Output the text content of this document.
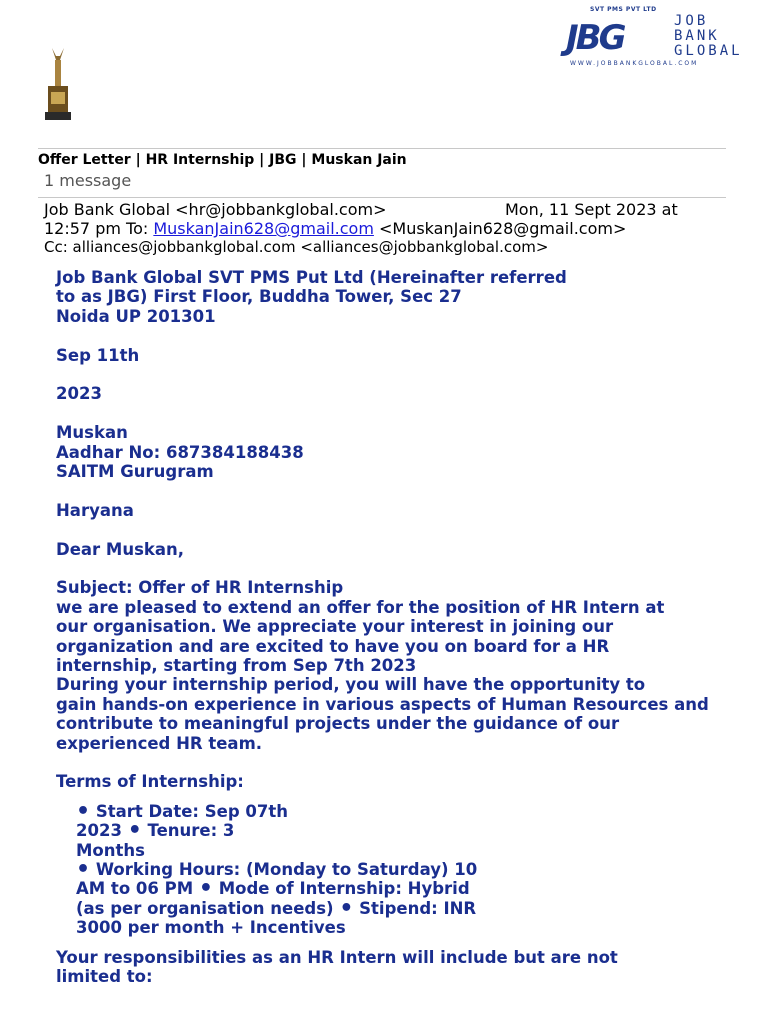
SVT PMS PVT LTD
JBG	JOB
BANK
GLOBAL
WWW.JOBBANKGLOBAL.COM
Offer Letter | HR Internship | JBG | Muskan Jain
1 message
Job Bank Global <hr@jobbankglobal.com>	Mon, 11 Sept 2023 at
12:57 pm To: MuskanJain628@gmail.com <MuskanJain628@gmail.com>
Cc: alliances@jobbankglobal.com <alliances@jobbankglobal.com>

Job Bank Global SVT PMS Put Ltd (Hereinafter referred

to as JBG) First Floor, Buddha Tower, Sec 27

Noida UP 201301

Sep 11th

2023

Muskan

Aadhar No: 687384188438

SAITM Gurugram

Haryana

Dear Muskan,

Subject: Offer of HR Internship

we are pleased to extend an offer for the position of HR Intern at

our organisation. We appreciate your interest in joining our

organization and are excited to have you on board for a HR

internship, starting from Sep 7th 2023

During your internship period, you will have the opportunity to

gain hands-on experience in various aspects of Human Resources and

contribute to meaningful projects under the guidance of our

experienced HR team.

Terms of Internship:

• Start Date: Sep 07th

2023 • Tenure: 3

Months

• Working Hours: (Monday to Saturday) 10

AM to 06 PM • Mode of Internship: Hybrid

(as per organisation needs) • Stipend: INR

3000 per month + Incentives

Your responsibilities as an HR Intern will include but are not

limited to:
